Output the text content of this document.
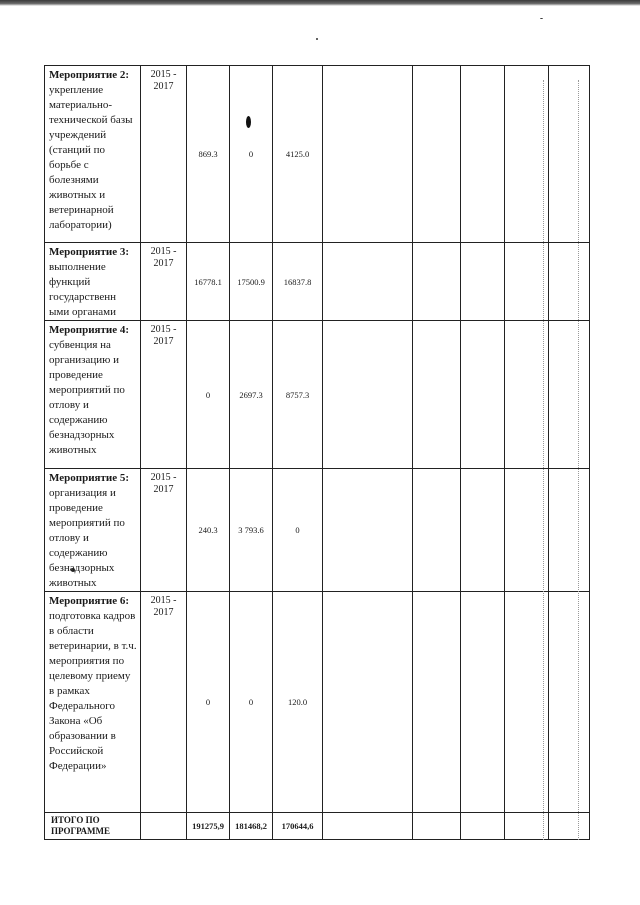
Мероприятие 2: укрепление материально-технической базы учреждений (станций по борьбе с болезнями животных и ветеринарной лаборатории)	2015 - 2017	869.3	0	4125.0					
Мероприятие 3: выполнение функций государственн ыми органами	2015 - 2017	16778.1	17500.9	16837.8					
Мероприятие 4: субвенция на организацию и проведение мероприятий по отлову и содержанию безнадзорных животных	2015 - 2017	0	2697.3	8757.3					
Мероприятие 5: организация и проведение мероприятий по отлову и содержанию безнадзорных животных	2015 - 2017	240.3	3 793.6	0					
Мероприятие 6: подготовка кадров в области ветеринарии, в т.ч. мероприятия по целевому приему в рамках Федерального Закона «Об образовании в Российской Федерации»	2015 - 2017	0	0	120.0					
ИТОГО ПО ПРОГРАММЕ		191275,9	181468,2	170644,6					
